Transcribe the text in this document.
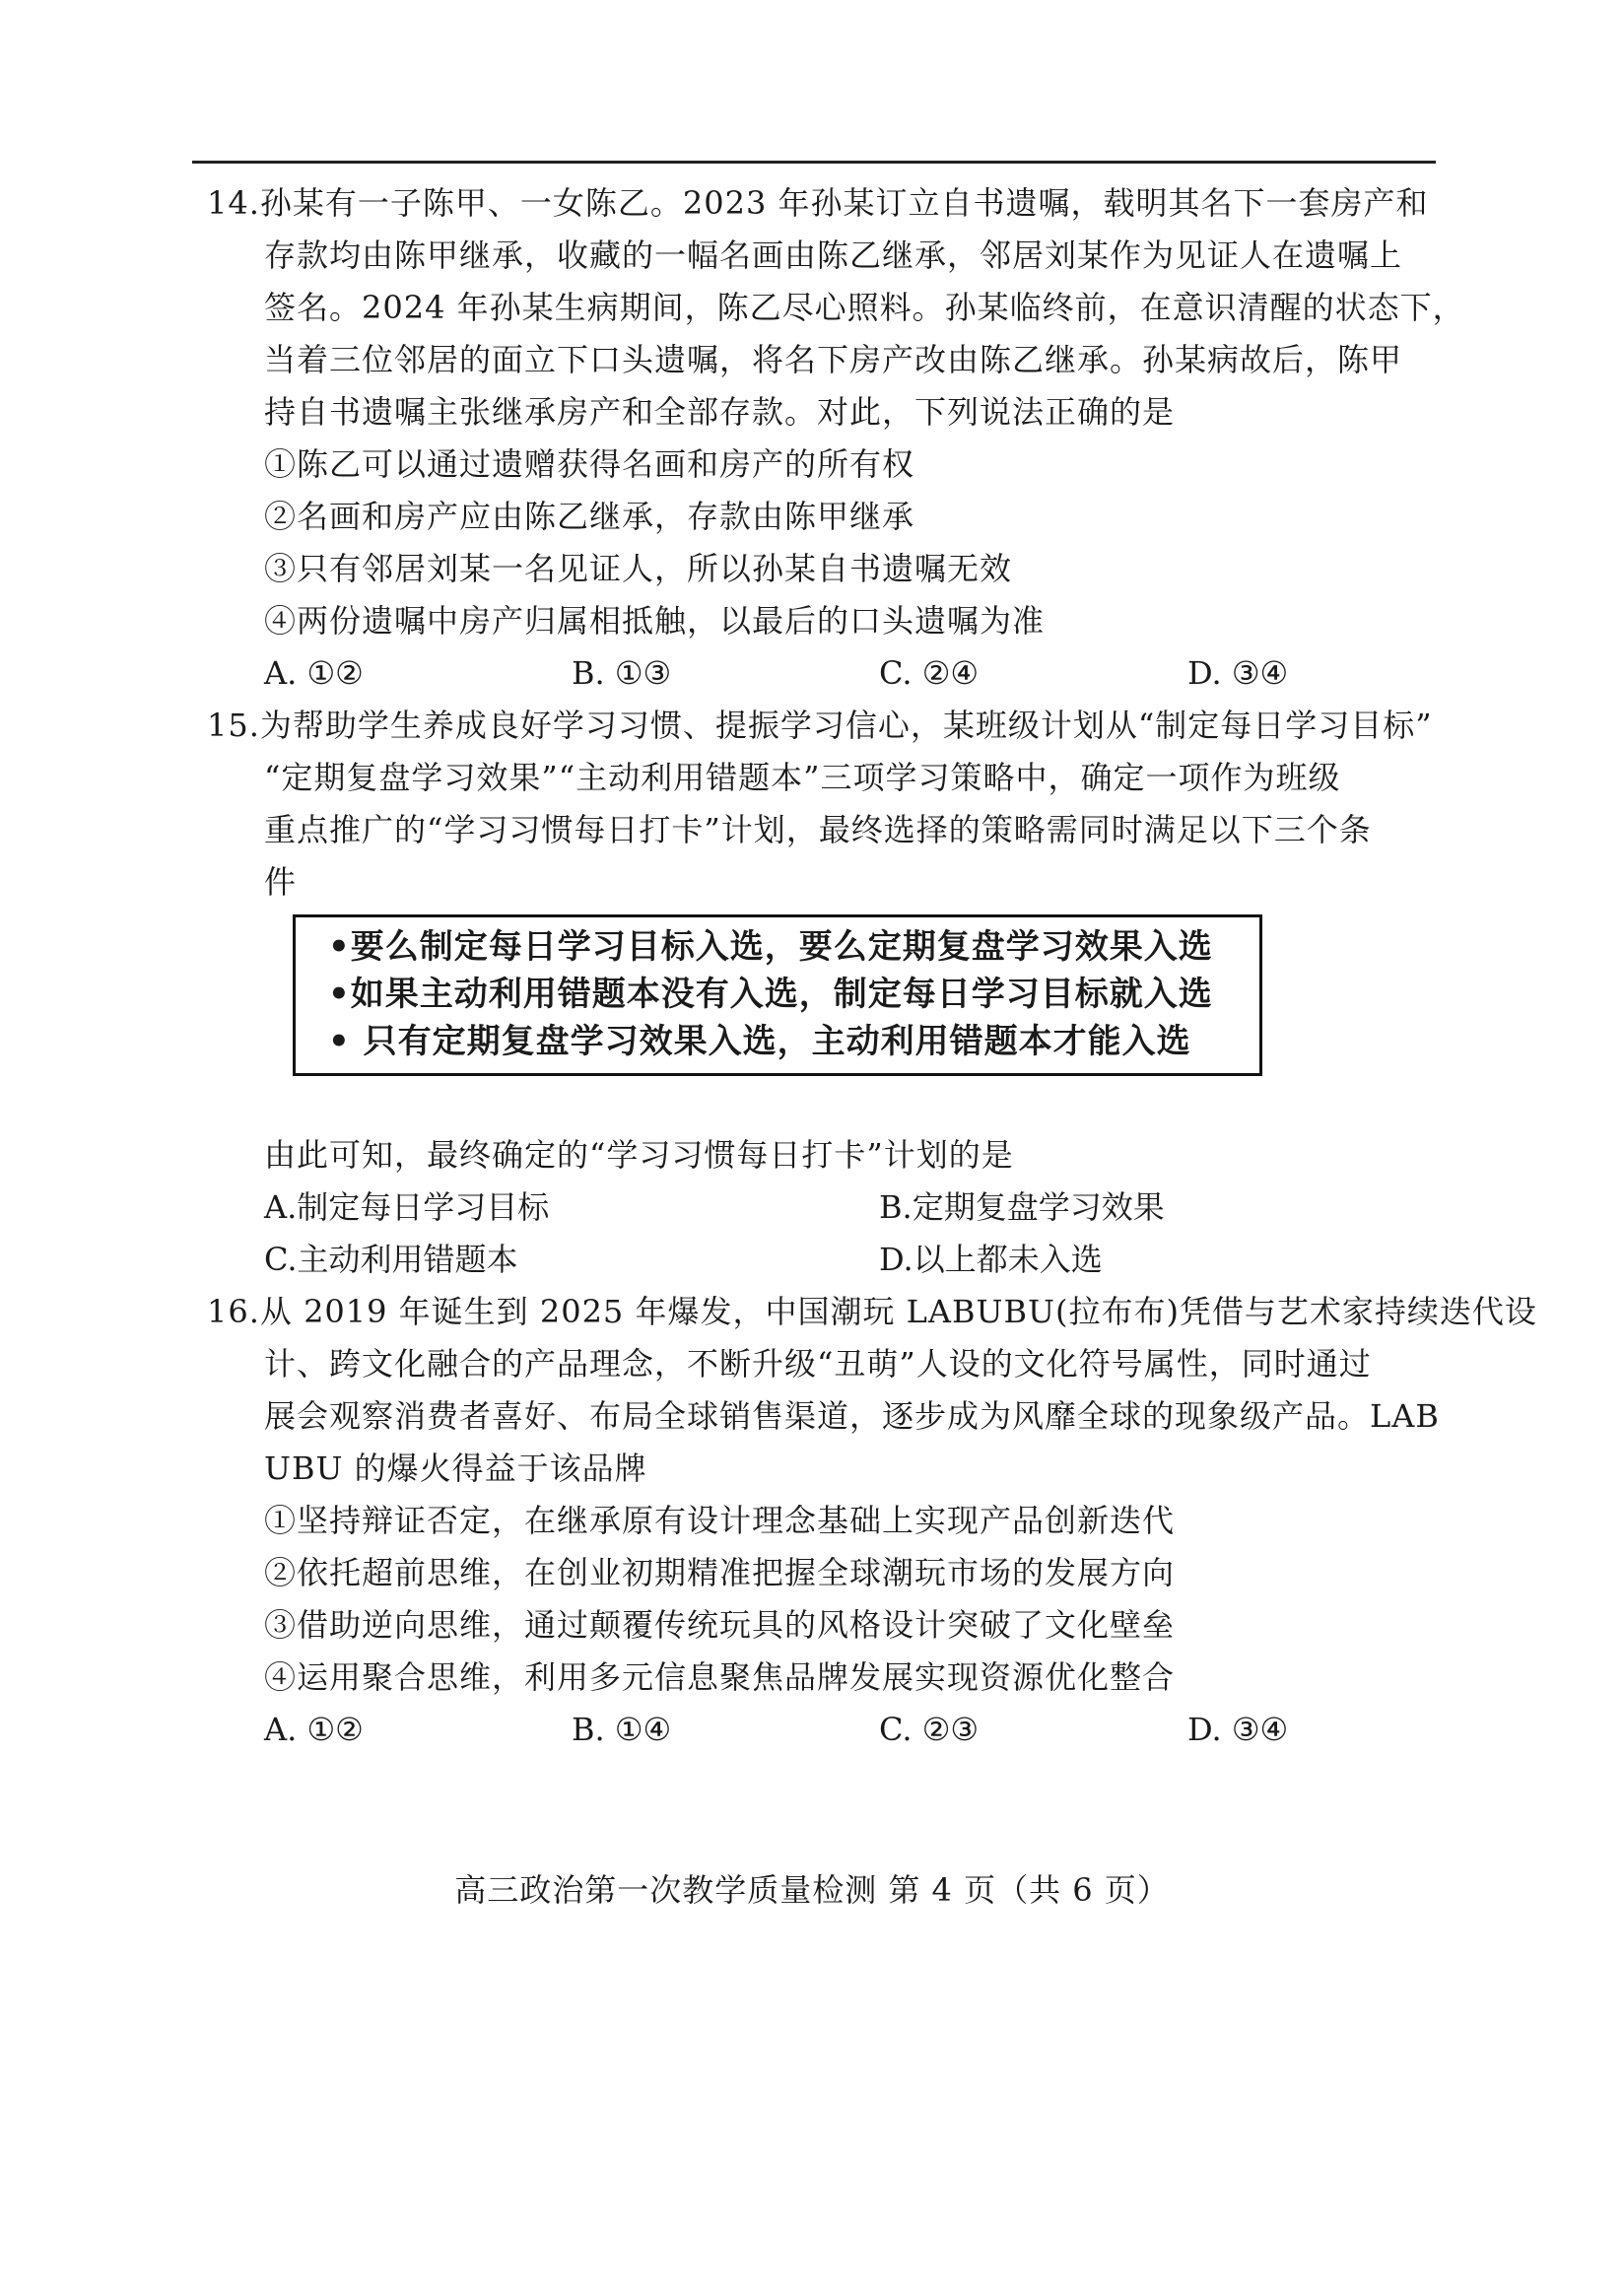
14.孙某有一子陈甲、一女陈乙。2023 年孙某订立自书遗嘱，载明其名下一套房产和
存款均由陈甲继承，收藏的一幅名画由陈乙继承，邻居刘某作为见证人在遗嘱上
签名。2024 年孙某生病期间，陈乙尽心照料。孙某临终前，在意识清醒的状态下，
当着三位邻居的面立下口头遗嘱，将名下房产改由陈乙继承。孙某病故后，陈甲
持自书遗嘱主张继承房产和全部存款。对此，下列说法正确的是
①陈乙可以通过遗赠获得名画和房产的所有权
②名画和房产应由陈乙继承，存款由陈甲继承
③只有邻居刘某一名见证人，所以孙某自书遗嘱无效
④两份遗嘱中房产归属相抵触，以最后的口头遗嘱为准
A. ①②	B. ①③	C. ②④	D. ③④
15.为帮助学生养成良好学习习惯、提振学习信心，某班级计划从“制定每日学习目标”
“定期复盘学习效果”“主动利用错题本”三项学习策略中，确定一项作为班级
重点推广的“学习习惯每日打卡”计划，最终选择的策略需同时满足以下三个条
件
•要么制定每日学习目标入选，要么定期复盘学习效果入选
•如果主动利用错题本没有入选，制定每日学习目标就入选
• 只有定期复盘学习效果入选，主动利用错题本才能入选
由此可知，最终确定的“学习习惯每日打卡”计划的是
A.制定每日学习目标	B.定期复盘学习效果
C.主动利用错题本	D.以上都未入选
16.从 2019 年诞生到 2025 年爆发，中国潮玩 LABUBU(拉布布)凭借与艺术家持续迭代设
计、跨文化融合的产品理念，不断升级“丑萌”人设的文化符号属性，同时通过
展会观察消费者喜好、布局全球销售渠道，逐步成为风靡全球的现象级产品。LAB
UBU 的爆火得益于该品牌
①坚持辩证否定，在继承原有设计理念基础上实现产品创新迭代
②依托超前思维，在创业初期精准把握全球潮玩市场的发展方向
③借助逆向思维，通过颠覆传统玩具的风格设计突破了文化壁垒
④运用聚合思维，利用多元信息聚焦品牌发展实现资源优化整合
A. ①②	B. ①④	C. ②③	D. ③④
高三政治第一次教学质量检测 第 4 页（共 6 页）
